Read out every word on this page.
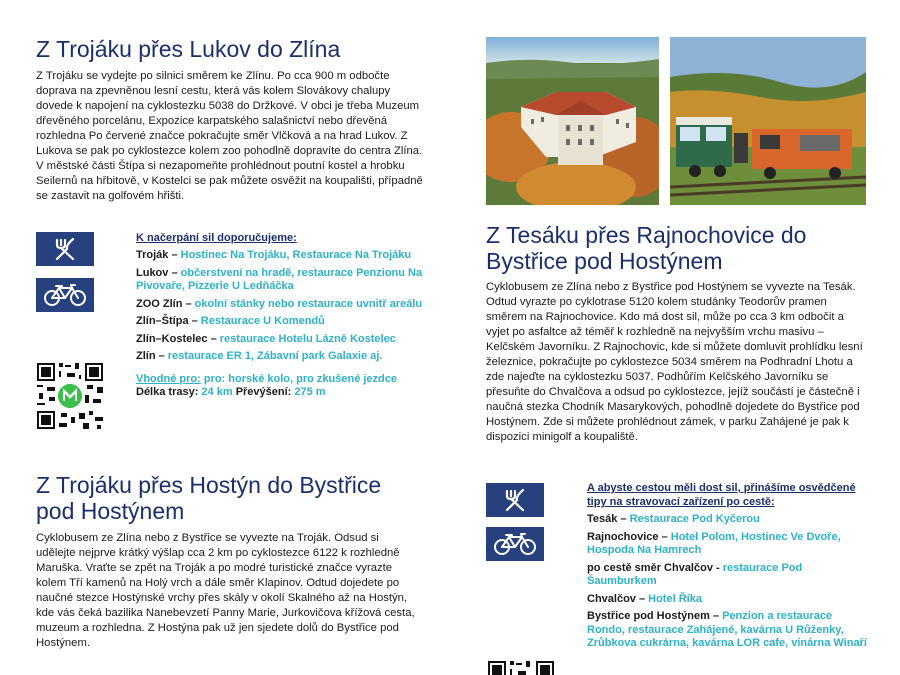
Z Trojáku přes Lukov do Zlína

Z Trojáku se vydejte po silnici směrem ke Zlínu. Po cca 900 m odbočte doprava na zpevněnou lesní cestu, která vás kolem Slovákovy chalupy dovede k napojení na cyklostezku 5038 do Držkové. V obci je třeba Muzeum dřevěného porcelánu, Expozice karpatského salašnictví nebo dřevěná rozhledna Po červené značce pokračujte směr Vlčková a na hrad Lukov. Z Lukova se pak po cyklostezce kolem zoo pohodlně dopravíte do centra Zlína. V městské části Štípa si nezapomeňte prohlédnout poutní kostel a hrobku Seilernů na hřbitově, v Kostelci se pak můžete osvěžit na koupališti, případně se zastavit na golfovém hřišti.

K načerpání sil doporučujeme:
Troják – Hostinec Na Trojáku, Restaurace Na Trojáku
Lukov – občerstvení na hradě, restaurace Penzionu Na Pivovaře, Pizzerie U Ledňáčka
ZOO Zlín – okolní stánky nebo restaurace uvnitř areálu
Zlín–Štípa – Restaurace U Komendů
Zlín–Kostelec – restaurace Hotelu Lázně Kostelec
Zlín – restaurace ER 1, Zábavní park Galaxie aj.
Vhodné pro: pro: horské kolo, pro zkušené jezdce Délka trasy: 24 km Převýšení: 275 m
Z Trojáku přes Hostýn do Bystřice pod Hostýnem

Cyklobusem ze Zlína nebo z Bystřice se vyvezte na Troják. Odsud si udělejte nejprve krátký výšlap cca 2 km po cyklostezce 6122 k rozhledně Maruška. Vraťte se zpět na Troják a po modré turistické značce vyrazte kolem Tří kamenů na Holý vrch a dále směr Klapinov. Odtud dojedete po naučné stezce Hostýnské vrchy přes skály v okolí Skalného až na Hostýn, kde vás čeká bazilika Nanebevzetí Panny Marie, Jurkovičova křížová cesta, muzeum a rozhledna. Z Hostýna pak už jen sjedete dolů do Bystřice pod Hostýnem.

Z Tesáku přes Rajnochovice do Bystřice pod Hostýnem

Cyklobusem ze Zlína nebo z Bystřice pod Hostýnem se vyvezte na Tesák. Odtud vyrazte po cyklotrase 5120 kolem studánky Teodorův pramen směrem na Rajnochovice. Kdo má dost sil, může po cca 3 km odbočit a vyjet po asfaltce až téměř k rozhledně na nejvyšším vrchu masivu – Kelčském Javorníku. Z Rajnochovic, kde si můžete domluvit prohlídku lesní železnice, pokračujte po cyklostezce 5034 směrem na Podhradní Lhotu a zde najeďte na cyklostezku 5037. Podhůřím Kelčského Javorníku se přesuňte do Chvalčova a odsud po cyklostezce, jejíž součástí je částečně i naučná stezka Chodník Masarykových, pohodlně dojedete do Bystřice pod Hostýnem. Zde si můžete prohlédnout zámek, v parku Zahájené je pak k dispozici minigolf a koupaliště.

A abyste cestou měli dost sil, přinášíme osvědčené tipy na stravovací zařízení po cestě:
Tesák – Restaurace Pod Kyčerou
Rajnochovice – Hotel Polom, Hostinec Ve Dvoře, Hospoda Na Hamrech
po cestě směr Chvalčov - restaurace Pod Šaumburkem
Chvalčov – Hotel Říka
Bystřice pod Hostýnem – Penzion a restaurace Rondo, restaurace Zahájené, kavárna U Růženky, Zrůbkova cukrárna, kavárna LOR cafe, vinárna Winaří
